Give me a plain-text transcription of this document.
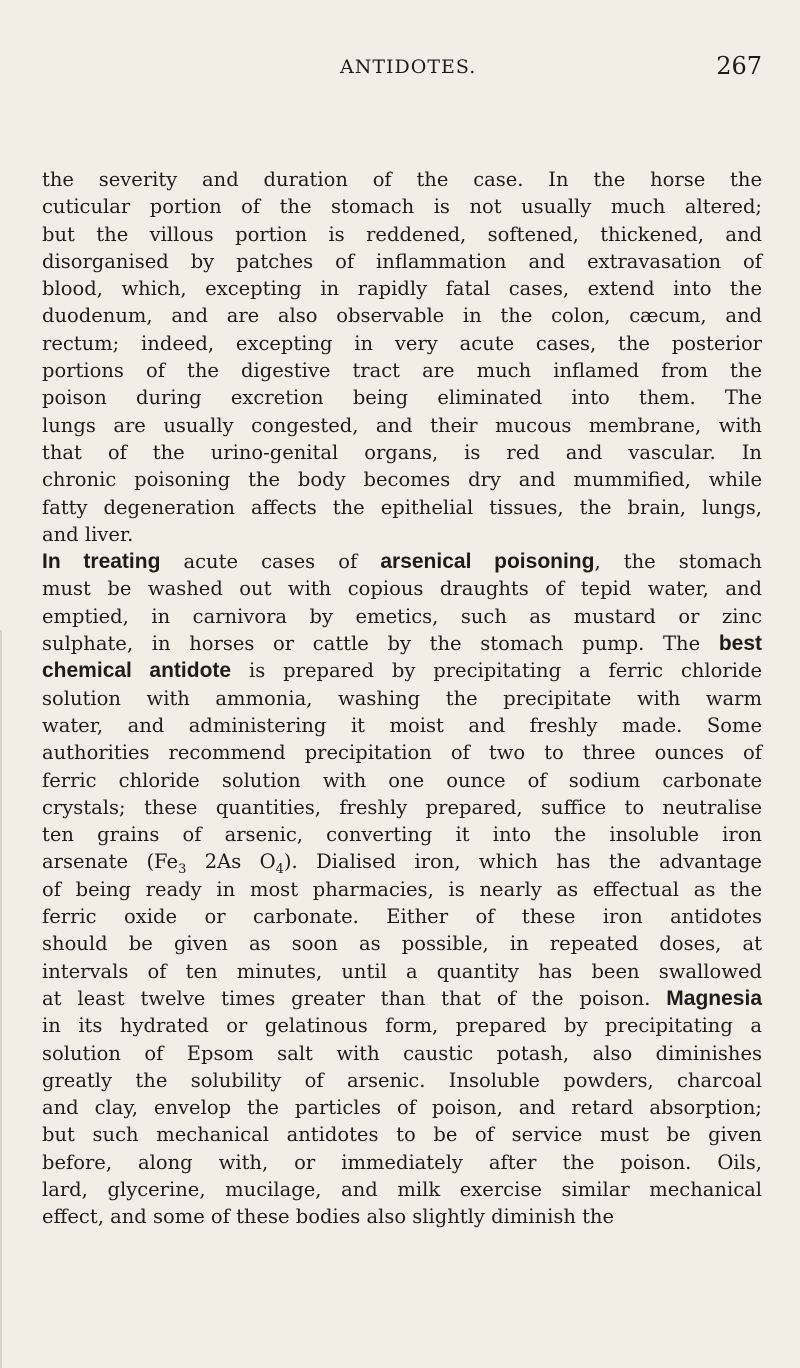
ANTIDOTES.	267
the severity and duration of the case. In the horse the
cuticular portion of the stomach is not usually much altered;
but the villous portion is reddened, softened, thickened, and
disorganised by patches of inflammation and extravasation of
blood, which, excepting in rapidly fatal cases, extend into the
duodenum, and are also observable in the colon, cæcum, and
rectum; indeed, excepting in very acute cases, the posterior
portions of the digestive tract are much inflamed from the
poison during excretion being eliminated into them. The
lungs are usually congested, and their mucous membrane, with
that of the urino-genital organs, is red and vascular. In
chronic poisoning the body becomes dry and mummified, while
fatty degeneration affects the epithelial tissues, the brain, lungs,
and liver.
In treating acute cases of arsenical poisoning, the stomach
must be washed out with copious draughts of tepid water, and
emptied, in carnivora by emetics, such as mustard or zinc
sulphate, in horses or cattle by the stomach pump. The best
chemical antidote is prepared by precipitating a ferric chloride
solution with ammonia, washing the precipitate with warm
water, and administering it moist and freshly made. Some
authorities recommend precipitation of two to three ounces of
ferric chloride solution with one ounce of sodium carbonate
crystals; these quantities, freshly prepared, suffice to neutralise
ten grains of arsenic, converting it into the insoluble iron
arsenate ($Fe_3$ 2As $O_4$). Dialised iron, which has the advantage
of being ready in most pharmacies, is nearly as effectual as the
ferric oxide or carbonate. Either of these iron antidotes
should be given as soon as possible, in repeated doses, at
intervals of ten minutes, until a quantity has been swallowed
at least twelve times greater than that of the poison. Magnesia
in its hydrated or gelatinous form, prepared by precipitating a
solution of Epsom salt with caustic potash, also diminishes
greatly the solubility of arsenic. Insoluble powders, charcoal
and clay, envelop the particles of poison, and retard absorption;
but such mechanical antidotes to be of service must be given
before, along with, or immediately after the poison. Oils,
lard, glycerine, mucilage, and milk exercise similar mechanical
effect, and some of these bodies also slightly diminish the
